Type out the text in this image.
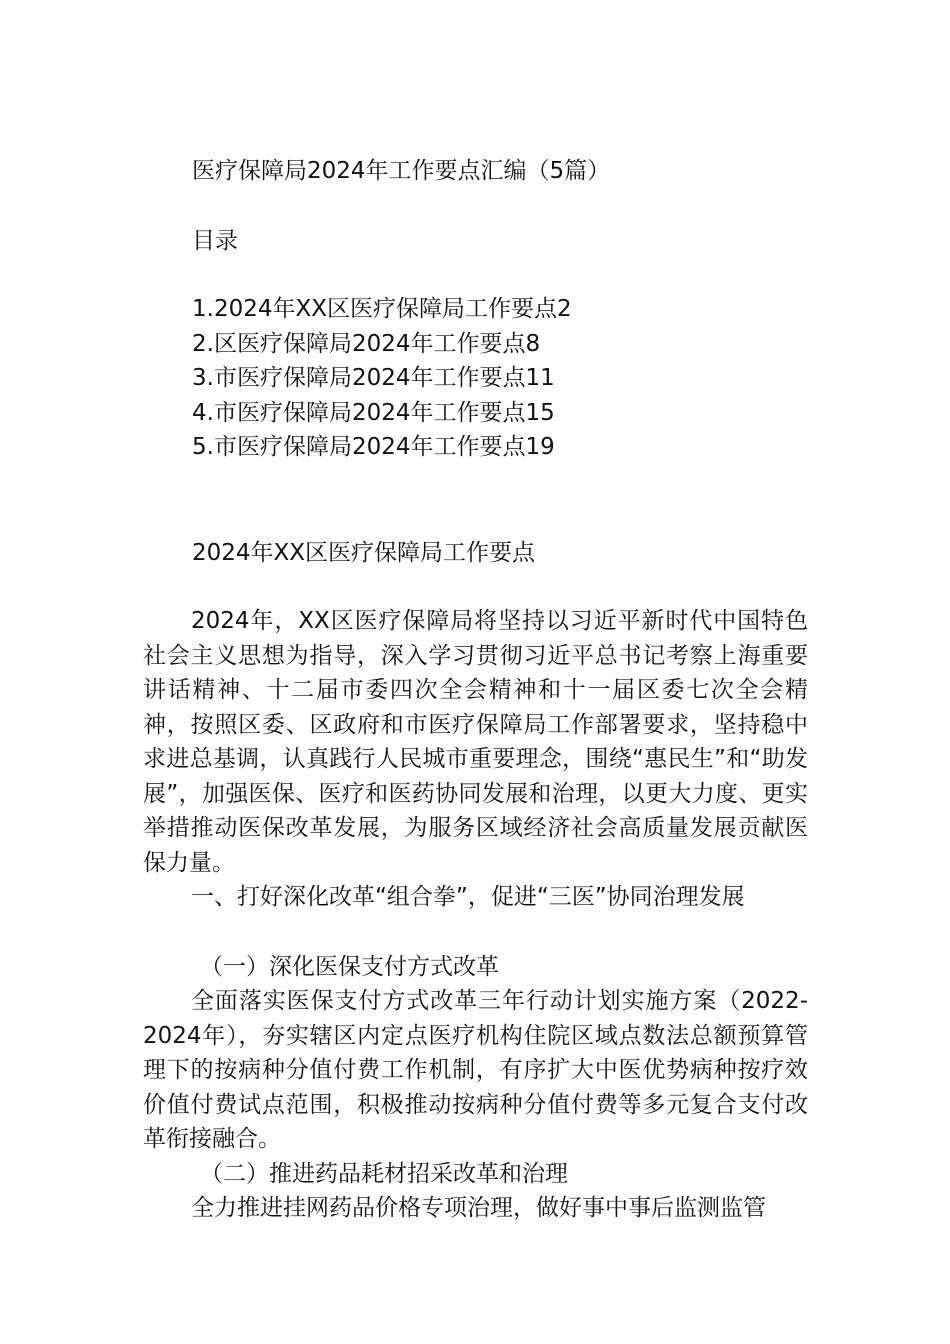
医疗保障局2024年工作要点汇编（5篇）
目录
1.2024年XX区医疗保障局工作要点2
2.区医疗保障局2024年工作要点8
3.市医疗保障局2024年工作要点11
4.市医疗保障局2024年工作要点15
5.市医疗保障局2024年工作要点19
2024年XX区医疗保障局工作要点

2024年，XX区医疗保障局将坚持以习近平新时代中国特色社会主义思想为指导，深入学习贯彻习近平总书记考察上海重要讲话精神、十二届市委四次全会精神和十一届区委七次全会精神，按照区委、区政府和市医疗保障局工作部署要求，坚持稳中求进总基调，认真践行人民城市重要理念，围绕“惠民生”和“助发展”，加强医保、医疗和医药协同发展和治理，以更大力度、更实举措推动医保改革发展，为服务区域经济社会高质量发展贡献医保力量。

一、打好深化改革“组合拳”，促进“三医”协同治理发展

（一）深化医保支付方式改革

全面落实医保支付方式改革三年行动计划实施方案（2022-2024年），夯实辖区内定点医疗机构住院区域点数法总额预算管理下的按病种分值付费工作机制，有序扩大中医优势病种按疗效价值付费试点范围，积极推动按病种分值付费等多元复合支付改革衔接融合。

（二）推进药品耗材招采改革和治理

全力推进挂网药品价格专项治理，做好事中事后监测监管
